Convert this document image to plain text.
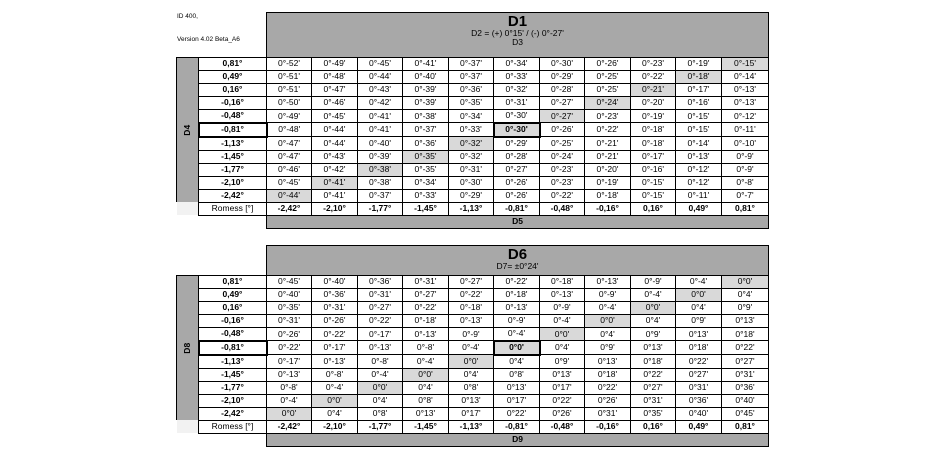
ID 400,
Version 4.02 Beta_A6

		D1
D2 = (+) 0°15' / (-) 0°-27'
D3										

D4	0,81°	0°-52'	0°-49'	0°-45'	0°-41'	0°-37'	0°-34'	0°-30'	0°-26'	0°-23'	0°-19'	0°-15'
	0,49°	0°-51'	0°-48'	0°-44'	0°-40'	0°-37'	0°-33'	0°-29'	0°-25'	0°-22'	0°-18'	0°-14'
	0,16°	0°-51'	0°-47'	0°-43'	0°-39'	0°-36'	0°-32'	0°-28'	0°-25'	0°-21'	0°-17'	0°-13'
	-0,16°	0°-50'	0°-46'	0°-42'	0°-39'	0°-35'	0°-31'	0°-27'	0°-24'	0°-20'	0°-16'	0°-13'
	-0,48°	0°-49'	0°-45'	0°-41'	0°-38'	0°-34'	0°-30'	0°-27'	0°-23'	0°-19'	0°-15'	0°-12'
	-0,81°	0°-48'	0°-44'	0°-41'	0°-37'	0°-33'	0°-30'	0°-26'	0°-22'	0°-18'	0°-15'	0°-11'
	-1,13°	0°-47'	0°-44'	0°-40'	0°-36'	0°-32'	0°-29'	0°-25'	0°-21'	0°-18'	0°-14'	0°-10'
	-1,45°	0°-47'	0°-43'	0°-39'	0°-35'	0°-32'	0°-28'	0°-24'	0°-21'	0°-17'	0°-13'	0°-9'
	-1,77°	0°-46'	0°-42'	0°-38'	0°-35'	0°-31'	0°-27'	0°-23'	0°-20'	0°-16'	0°-12'	0°-9'
	-2,10°	0°-45'	0°-41'	0°-38'	0°-34'	0°-30'	0°-26'	0°-23'	0°-19'	0°-15'	0°-12'	0°-8'
	-2,42°	0°-44'	0°-41'	0°-37'	0°-33'	0°-29'	0°-26'	0°-22'	0°-18'	0°-15'	0°-11'	0°-7'
	Romess [°]	-2,42°	-2,10°	-1,77°	-1,45°	-1,13°	-0,81°	-0,48°	-0,16°	0,16°	0,49°	0,81°
		D5										

		D6
D7= ±0°24'										

D8	0,81°	0°-45'	0°-40'	0°-36'	0°-31'	0°-27'	0°-22'	0°-18'	0°-13'	0°-9'	0°-4'	0°0'
	0,49°	0°-40'	0°-36'	0°-31'	0°-27'	0°-22'	0°-18'	0°-13'	0°-9'	0°-4'	0°0'	0°4'
	0,16°	0°-35'	0°-31'	0°-27'	0°-22'	0°-18'	0°-13'	0°-9'	0°-4'	0°0'	0°4'	0°9'
	-0,16°	0°-31'	0°-26'	0°-22'	0°-18'	0°-13'	0°-9'	0°-4'	0°0'	0°4'	0°9'	0°13'
	-0,48°	0°-26'	0°-22'	0°-17'	0°-13'	0°-9'	0°-4'	0°0'	0°4'	0°9'	0°13'	0°18'
	-0,81°	0°-22'	0°-17'	0°-13'	0°-8'	0°-4'	0°0'	0°4'	0°9'	0°13'	0°18'	0°22'
	-1,13°	0°-17'	0°-13'	0°-8'	0°-4'	0°0'	0°4'	0°9'	0°13'	0°18'	0°22'	0°27'
	-1,45°	0°-13'	0°-8'	0°-4'	0°0'	0°4'	0°8'	0°13'	0°18'	0°22'	0°27'	0°31'
	-1,77°	0°-8'	0°-4'	0°0'	0°4'	0°8'	0°13'	0°17'	0°22'	0°27'	0°31'	0°36'
	-2,10°	0°-4'	0°0'	0°4'	0°8'	0°13'	0°17'	0°22'	0°26'	0°31'	0°36'	0°40'
	-2,42°	0°0'	0°4'	0°8'	0°13'	0°17'	0°22'	0°26'	0°31'	0°35'	0°40'	0°45'
	Romess [°]	-2,42°	-2,10°	-1,77°	-1,45°	-1,13°	-0,81°	-0,48°	-0,16°	0,16°	0,49°	0,81°
		D9										
